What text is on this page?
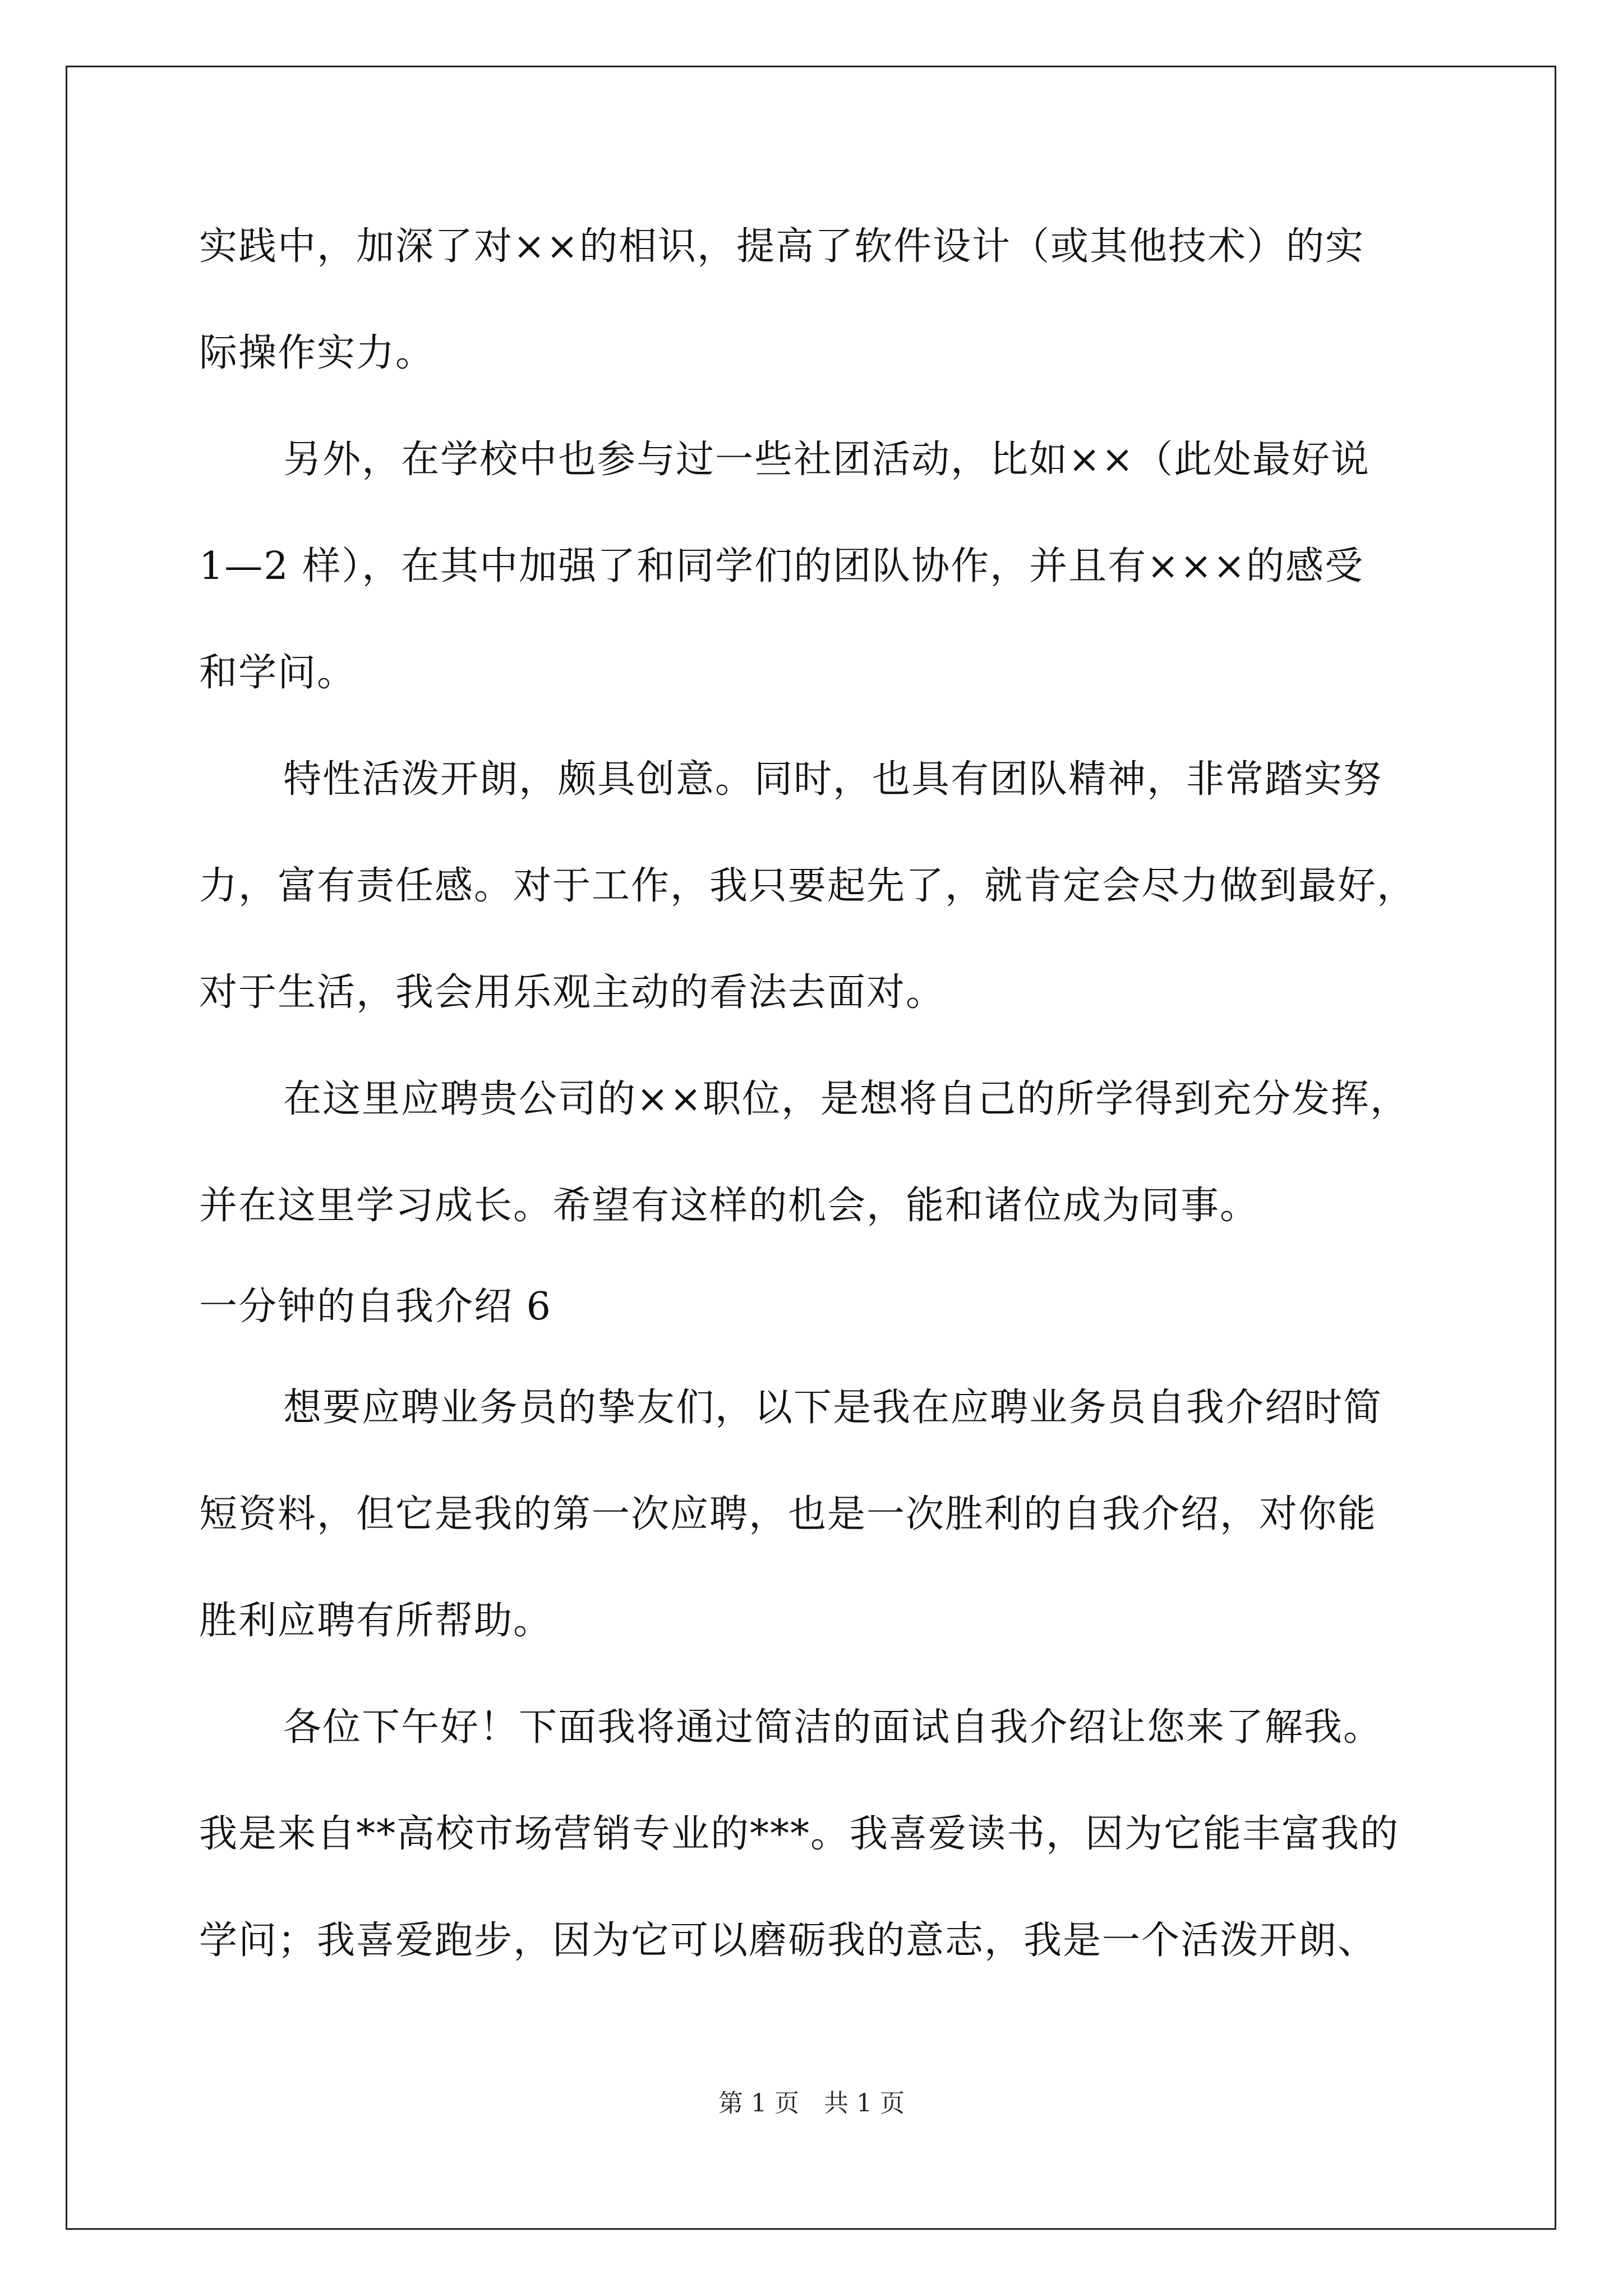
实践中，加深了对××的相识，提高了软件设计（或其他技术）的实

际操作实力。

另外，在学校中也参与过一些社团活动，比如××（此处最好说

1—2 样），在其中加强了和同学们的团队协作，并且有×××的感受

和学问。

特性活泼开朗，颇具创意。同时，也具有团队精神，非常踏实努

力，富有责任感。对于工作，我只要起先了，就肯定会尽力做到最好，

对于生活，我会用乐观主动的看法去面对。

在这里应聘贵公司的××职位，是想将自己的所学得到充分发挥，

并在这里学习成长。希望有这样的机会，能和诸位成为同事。

一分钟的自我介绍 6

想要应聘业务员的挚友们，以下是我在应聘业务员自我介绍时简

短资料，但它是我的第一次应聘，也是一次胜利的自我介绍，对你能

胜利应聘有所帮助。

各位下午好！下面我将通过简洁的面试自我介绍让您来了解我。

我是来自**高校市场营销专业的***。我喜爱读书，因为它能丰富我的

学问；我喜爱跑步，因为它可以磨砺我的意志，我是一个活泼开朗、

第 1 页　共 1 页
